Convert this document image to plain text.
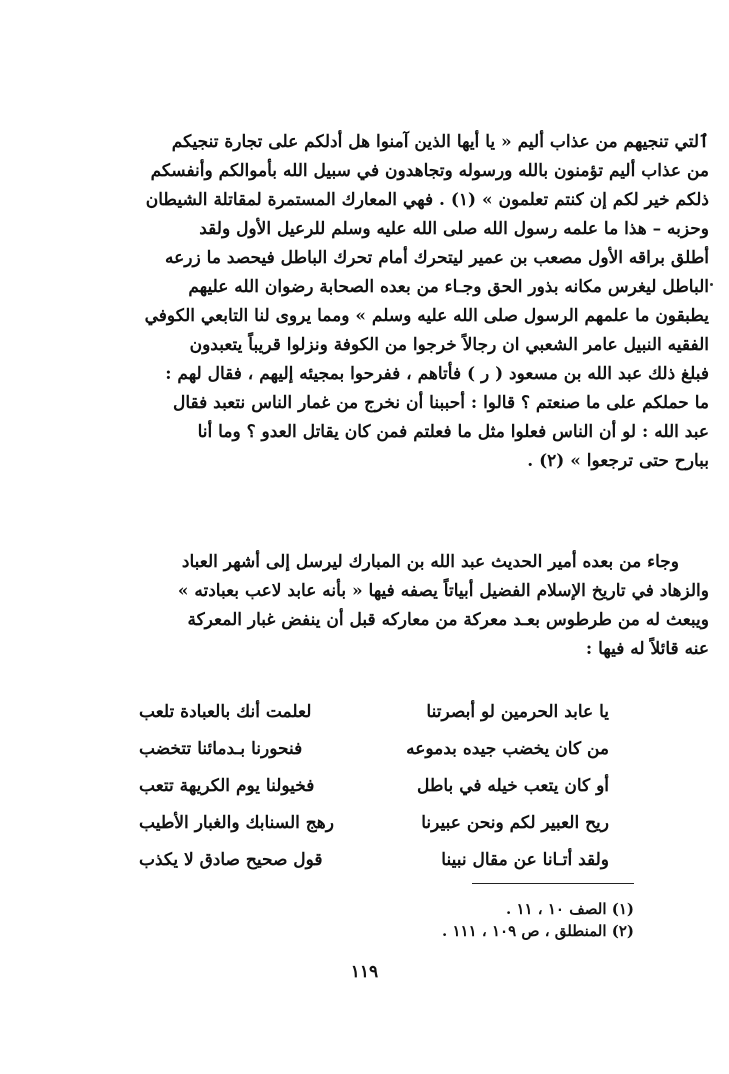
ٱلتي تنجيهم من عذاب أليم « يا أيها الذين آمنوا هل أدلكم على تجارة تنجيكم
من عذاب أليم تؤمنون بالله ورسوله وتجاهدون في سبيل الله بأموالكم وأنفسكم
ذلكم خير لكم إن كنتم تعلمون » (١) . فهي المعارك المستمرة لمقاتلة الشيطان
وحزبه – هذا ما علمه رسول الله صلى الله عليه وسلم للرعيل الأول ولقد
أطلق براقه الأول مصعب بن عمير ليتحرك أمام تحرك الباطل فيحصد ما زرعه
الباطل ليغرس مكانه بذور الحق وجـاء من بعده الصحابة رضوان الله عليهم
يطبقون ما علمهم الرسول صلى الله عليه وسلم » ومما يروى لنا التابعي الكوفي
الفقيه النبيل عامر الشعبي ان رجالاً خرجوا من الكوفة ونزلوا قريباً يتعبدون
فبلغ ذلك عبد الله بن مسعود ( ر ) فأتاهم ، ففرحوا بمجيئه إليهم ، فقال لهم :
ما حملكم على ما صنعتم ؟ قالوا : أحببنا أن نخرج من غمار الناس نتعبد فقال
عبد الله : لو أن الناس فعلوا مثل ما فعلتم فمن كان يقاتل العدو ؟ وما أنا
ببارح حتى ترجعوا » (٢) .
وجاء من بعده أمير الحديث عبد الله بن المبارك ليرسل إلى أشهر العباد
والزهاد في تاريخ الإسلام الفضيل أبياتاً يصفه فيها « بأنه عابد لاعب بعبادته »
ويبعث له من طرطوس بعـد معركة من معاركه قبل أن ينفض غبار المعركة
عنه قائلاً له فيها :
يا عابد الحرمين لو أبصرتنا
لعلمت أنك بالعبادة تلعب
من كان يخضب جيده بدموعه
فنحورنا بـدمائنا تتخضب
أو كان يتعب خيله في باطل
فخيولنا يوم الكريهة تتعب
ريح العبير لكم ونحن عبيرنا
رهج السنابك والغبار الأطيب
ولقد أتـانا عن مقال نبينا
قول صحيح صادق لا يكذب
(١) الصف ١٠ ، ١١ .
(٢) المنطلق ، ص ١٠٩ ، ١١١ .
١١٩
